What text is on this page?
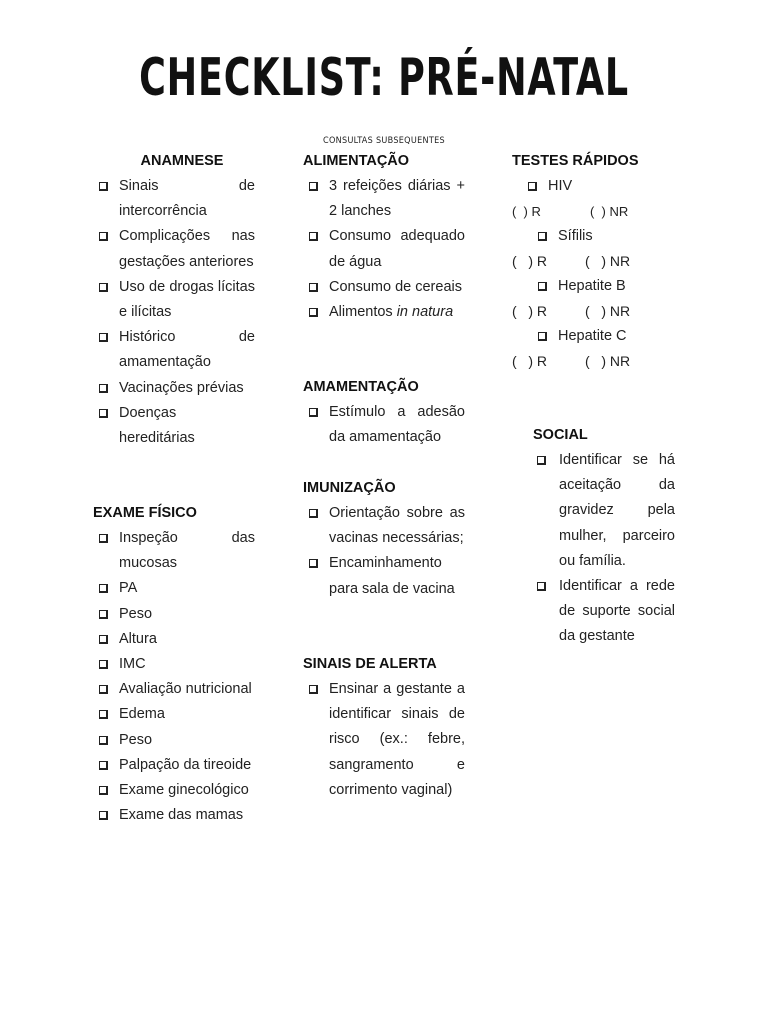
CHECKLIST: PRÉ-NATAL
CONSULTAS SUBSEQUENTES
ANAMNESE
Sinais de intercorrência
Complicações nas gestações anteriores
Uso de drogas lícitas e ilícitas
Histórico de amamentação
Vacinações prévias
Doenças hereditárias
EXAME FÍSICO
Inspeção das mucosas
PA
Peso
Altura
IMC
Avaliação nutricional
Edema
Peso
Palpação da tireoide
Exame ginecológico
Exame das mamas
ALIMENTAÇÃO
3 refeições diárias + 2 lanches
Consumo adequado de água
Consumo de cereais
Alimentos in natura
AMAMENTAÇÃO
Estímulo a adesão da amamentação
IMUNIZAÇÃO
Orientação sobre as vacinas necessárias;
Encaminhamento para sala de vacina
SINAIS DE ALERTA
Ensinar a gestante a identificar sinais de risco (ex.: febre, sangramento e corrimento vaginal)
TESTES RÁPIDOS
HIV
(  ) R	(  ) NR
Sífilis
(   ) R	(   ) NR
Hepatite B
(   ) R	(   ) NR
Hepatite C
(   ) R	(   ) NR
SOCIAL
Identificar se há aceitação da gravidez pela mulher, parceiro ou família.
Identificar a rede de suporte social da gestante
